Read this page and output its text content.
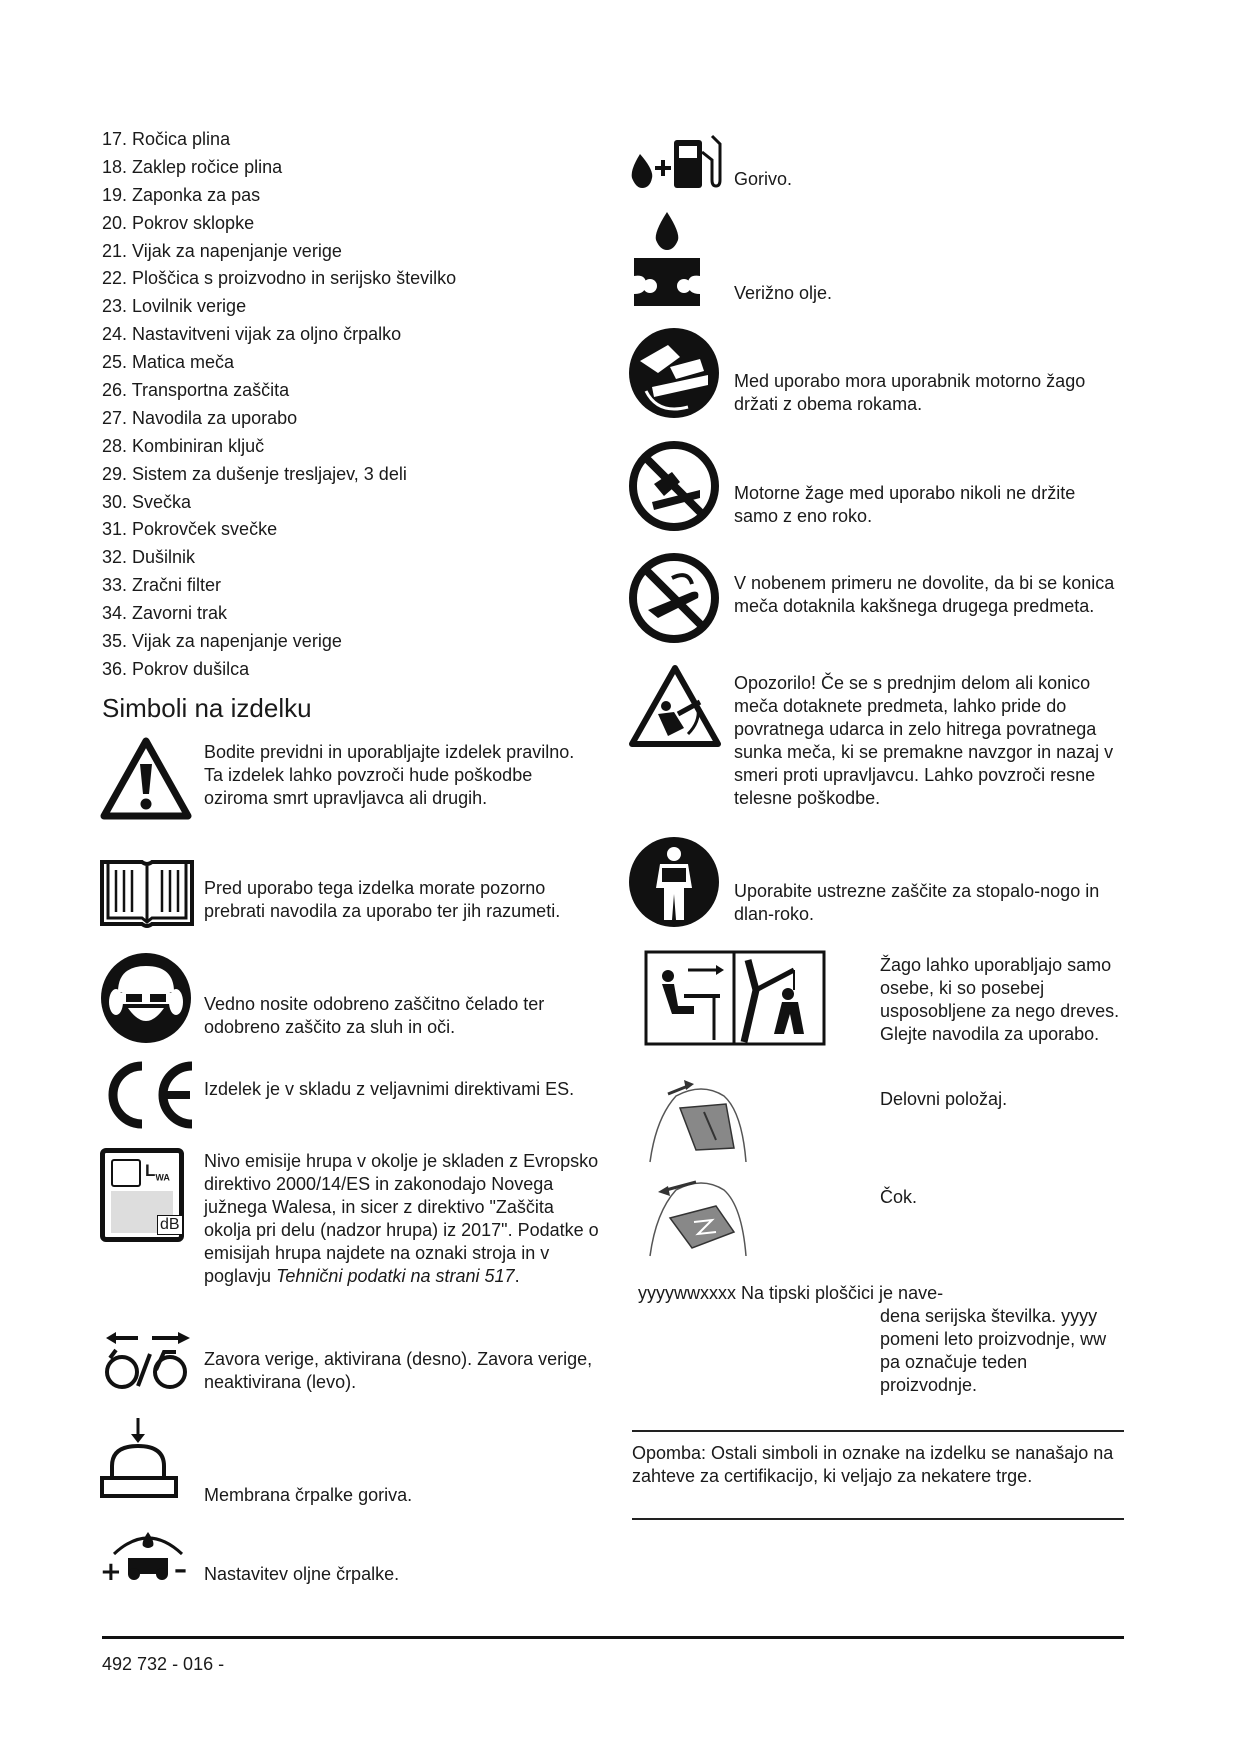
17. Ročica plina
18. Zaklep ročice plina
19. Zaponka za pas
20. Pokrov sklopke
21. Vijak za napenjanje verige
22. Ploščica s proizvodno in serijsko številko
23. Lovilnik verige
24. Nastavitveni vijak za oljno črpalko
25. Matica meča
26. Transportna zaščita
27. Navodila za uporabo
28. Kombiniran ključ
29. Sistem za dušenje tresljajev, 3 deli
30. Svečka
31. Pokrovček svečke
32. Dušilnik
33. Zračni filter
34. Zavorni trak
35. Vijak za napenjanje verige
36. Pokrov dušilca
Simboli na izdelku
Bodite previdni in uporabljajte izdelek pravilno. Ta izdelek lahko povzroči hude poškodbe oziroma smrt upravljavca ali drugih.
Pred uporabo tega izdelka morate pozorno prebrati navodila za uporabo ter jih razumeti.
Vedno nosite odobreno zaščitno čelado ter odobreno zaščito za sluh in oči.
Izdelek je v skladu z veljavnimi direktivami ES.
$L_{WA}$
dB
Nivo emisije hrupa v okolje je skladen z Evropsko direktivo 2000/14/ES in zakonodajo Novega južnega Walesa, in sicer z direktivo "Zaščita okolja pri delu (nadzor hrupa) iz 2017". Podatke o emisijah hrupa najdete na oznaki stroja in v poglavju Tehnični podatki na strani 517.
Zavora verige, aktivirana (desno). Zavora verige, neaktivirana (levo).
Membrana črpalke goriva.
+ – Nastavitev oljne črpalke.
Gorivo.
Verižno olje.
Med uporabo mora uporabnik motorno žago držati z obema rokama.
Motorne žage med uporabo nikoli ne držite samo z eno roko.
V nobenem primeru ne dovolite, da bi se konica meča dotaknila kakšnega drugega predmeta.
Opozorilo! Če se s prednjim delom ali konico meča dotaknete predmeta, lahko pride do povratnega udarca in zelo hitrega povratnega sunka meča, ki se premakne navzgor in nazaj v smeri proti upravljavcu. Lahko povzroči resne telesne poškodbe.
Uporabite ustrezne zaščite za stopalo-nogo in dlan-roko.
Žago lahko uporabljajo samo osebe, ki so posebej usposobljene za nego dreves. Glejte navodila za uporabo.
Delovni položaj.
Čok.
yyyywwxxxx Na tipski ploščici je nave-
dena serijska številka. yyyy pomeni leto proizvodnje, ww pa označuje teden proizvodnje.
Opomba: Ostali simboli in oznake na izdelku se nanašajo na zahteve za certifikacijo, ki veljajo za nekatere trge.
492 732 - 016 -
